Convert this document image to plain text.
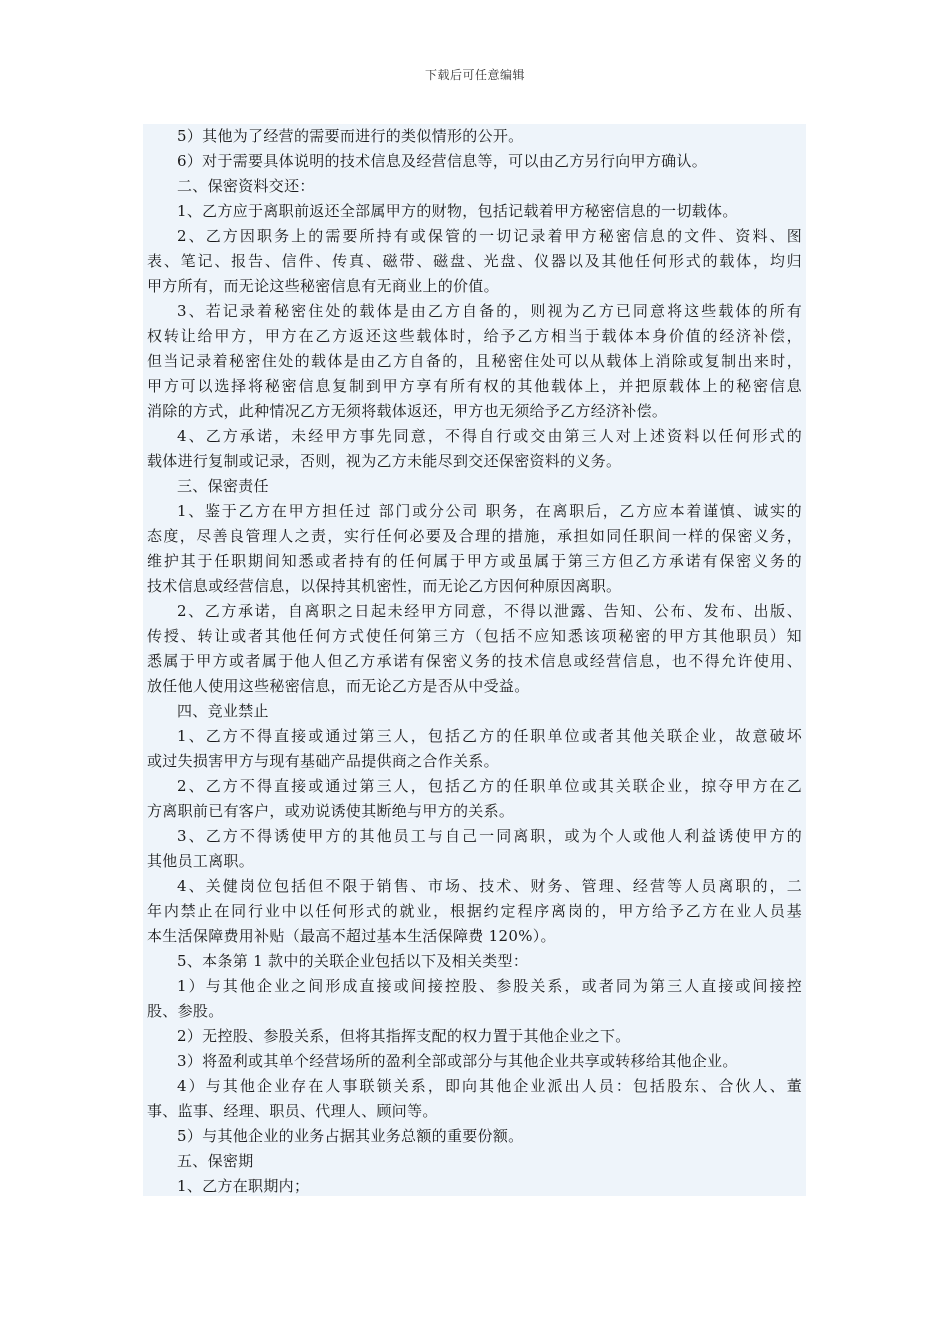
下载后可任意编辑
5）其他为了经营的需要而进行的类似情形的公开。
6）对于需要具体说明的技术信息及经营信息等，可以由乙方另行向甲方确认。
二、保密资料交还：
1、乙方应于离职前返还全部属甲方的财物，包括记载着甲方秘密信息的一切载体。
2、乙方因职务上的需要所持有或保管的一切记录着甲方秘密信息的文件、资料、图
表、笔记、报告、信件、传真、磁带、磁盘、光盘、仪器以及其他任何形式的载体，均归
甲方所有，而无论这些秘密信息有无商业上的价值。
3、若记录着秘密住处的载体是由乙方自备的，则视为乙方已同意将这些载体的所有
权转让给甲方，甲方在乙方返还这些载体时，给予乙方相当于载体本身价值的经济补偿，
但当记录着秘密住处的载体是由乙方自备的，且秘密住处可以从载体上消除或复制出来时，
甲方可以选择将秘密信息复制到甲方享有所有权的其他载体上，并把原载体上的秘密信息
消除的方式，此种情况乙方无须将载体返还，甲方也无须给予乙方经济补偿。
4、乙方承诺，未经甲方事先同意，不得自行或交由第三人对上述资料以任何形式的
载体进行复制或记录，否则，视为乙方未能尽到交还保密资料的义务。
三、保密责任
1、鉴于乙方在甲方担任过 部门或分公司 职务，在离职后，乙方应本着谨慎、诚实的
态度，尽善良管理人之责，实行任何必要及合理的措施，承担如同任职间一样的保密义务，
维护其于任职期间知悉或者持有的任何属于甲方或虽属于第三方但乙方承诺有保密义务的
技术信息或经营信息，以保持其机密性，而无论乙方因何种原因离职。
2、乙方承诺，自离职之日起未经甲方同意，不得以泄露、告知、公布、发布、出版、
传授、转让或者其他任何方式使任何第三方（包括不应知悉该项秘密的甲方其他职员）知
悉属于甲方或者属于他人但乙方承诺有保密义务的技术信息或经营信息，也不得允许使用、
放任他人使用这些秘密信息，而无论乙方是否从中受益。
四、竞业禁止
1、乙方不得直接或通过第三人，包括乙方的任职单位或者其他关联企业，故意破坏
或过失损害甲方与现有基础产品提供商之合作关系。
2、乙方不得直接或通过第三人，包括乙方的任职单位或其关联企业，掠夺甲方在乙
方离职前已有客户，或劝说诱使其断绝与甲方的关系。
3、乙方不得诱使甲方的其他员工与自己一同离职，或为个人或他人利益诱使甲方的
其他员工离职。
4、关健岗位包括但不限于销售、市场、技术、财务、管理、经营等人员离职的，二
年内禁止在同行业中以任何形式的就业，根据约定程序离岗的，甲方给予乙方在业人员基
本生活保障费用补贴（最高不超过基本生活保障费 120%）。
5、本条第 1 款中的关联企业包括以下及相关类型：
1）与其他企业之间形成直接或间接控股、参股关系，或者同为第三人直接或间接控
股、参股。
2）无控股、参股关系，但将其指挥支配的权力置于其他企业之下。
3）将盈利或其单个经营场所的盈利全部或部分与其他企业共享或转移给其他企业。
4）与其他企业存在人事联锁关系，即向其他企业派出人员：包括股东、合伙人、董
事、监事、经理、职员、代理人、顾问等。
5）与其他企业的业务占据其业务总额的重要份额。
五、保密期
1、乙方在职期内；
